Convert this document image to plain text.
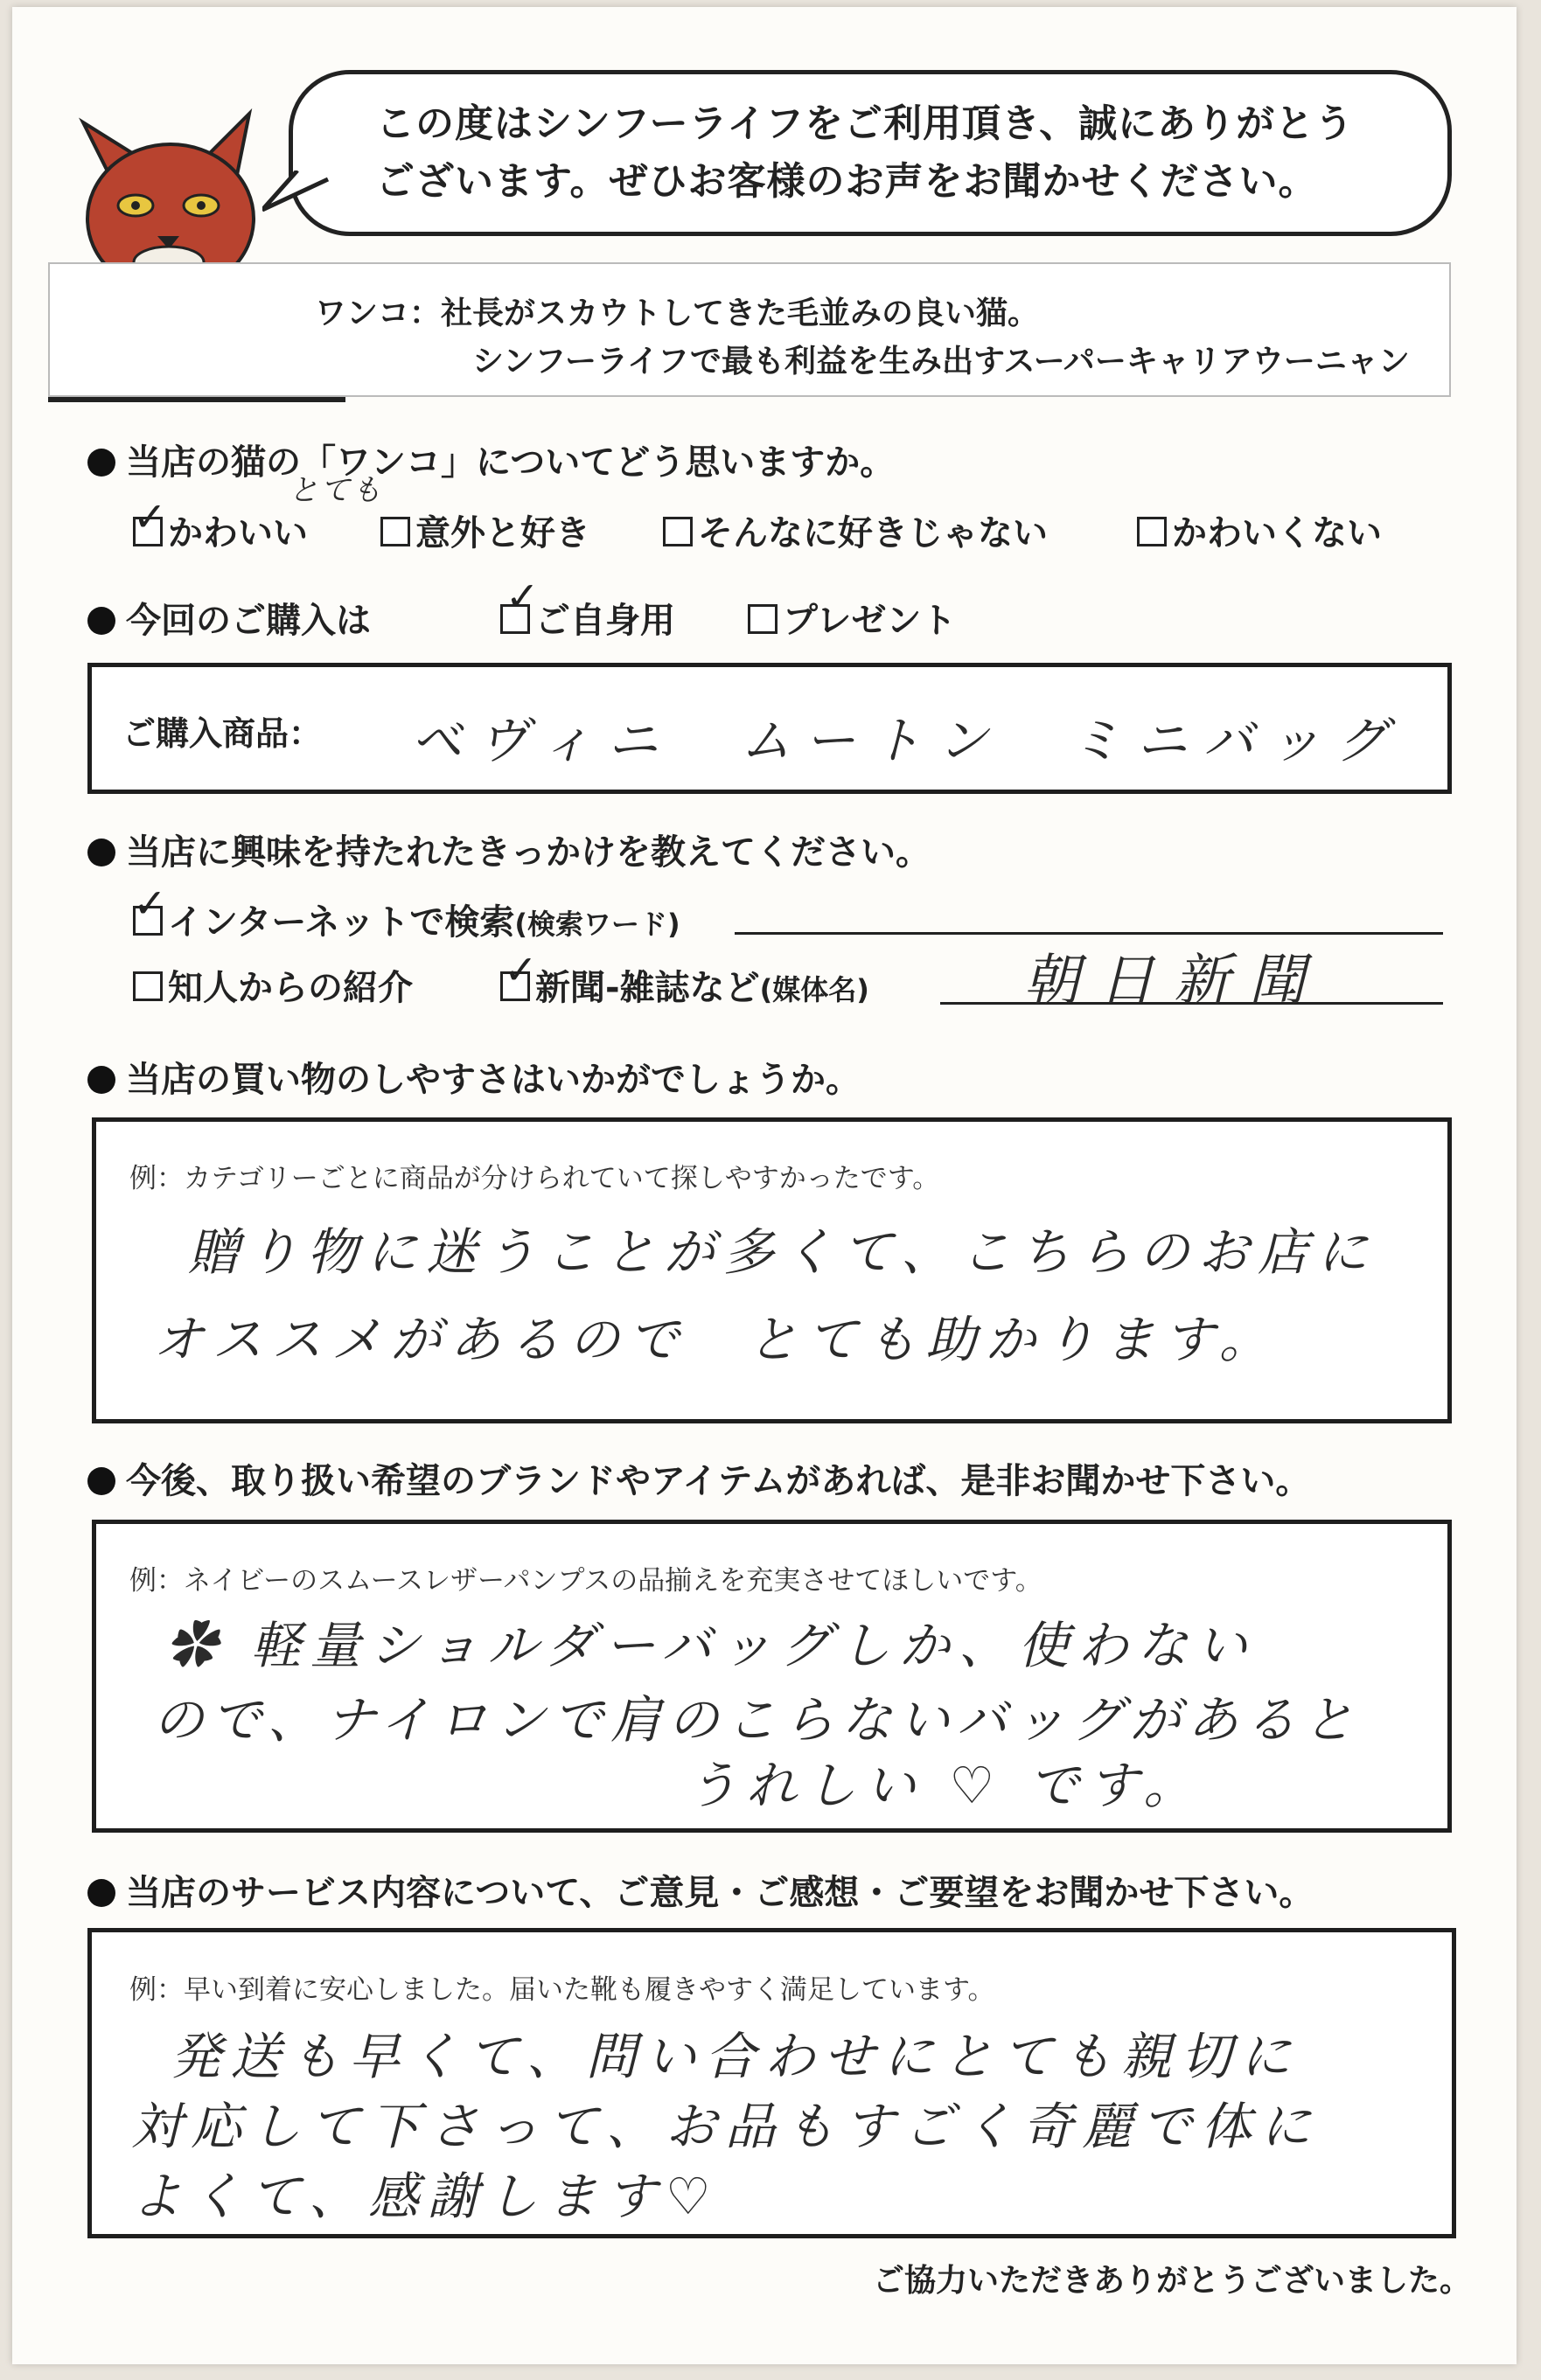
この度はシンフーライフをご利用頂き、誠にありがとう
ございます。ぜひお客様のお声をお聞かせください。
ワンコ：社長がスカウトしてきた毛並みの良い猫。
シンフーライフで最も利益を生み出すスーパーキャリアウーニャン
当店の猫の「ワンコ」についてどう思いますか。
とても
かわいい
✓	意外と好き	そんなに好きじゃない	かわいくない
今回のご購入は	ご自身用
✓
プレゼント
ご購入商品： ベヴィニ　ムートン　ミニバッグ
当店に興味を持たれたきっかけを教えてください。
インターネットで検索(検索ワード)
✓
知人からの紹介	新聞-雑誌など(媒体名)
✓	朝日新聞
当店の買い物のしやすさはいかがでしょうか。
例：カテゴリーごとに商品が分けられていて探しやすかったです。
贈り物に迷うことが多くて、こちらのお店に
オススメがあるので　とても助かります。
今後、取り扱い希望のブランドやアイテムがあれば、是非お聞かせ下さい。
例：ネイビーのスムースレザーパンプスの品揃えを充実させてほしいです。
✿ 軽量ショルダーバッグしか、使わない
ので、ナイロンで肩のこらないバッグがあると
うれしい ♡ です。
当店のサービス内容について、ご意見・ご感想・ご要望をお聞かせ下さい。
例：早い到着に安心しました。届いた靴も履きやすく満足しています。
発送も早くて、問い合わせにとても親切に
対応して下さって、お品もすごく奇麗で体に
よくて、感謝します♡
ご協力いただきありがとうございました。
